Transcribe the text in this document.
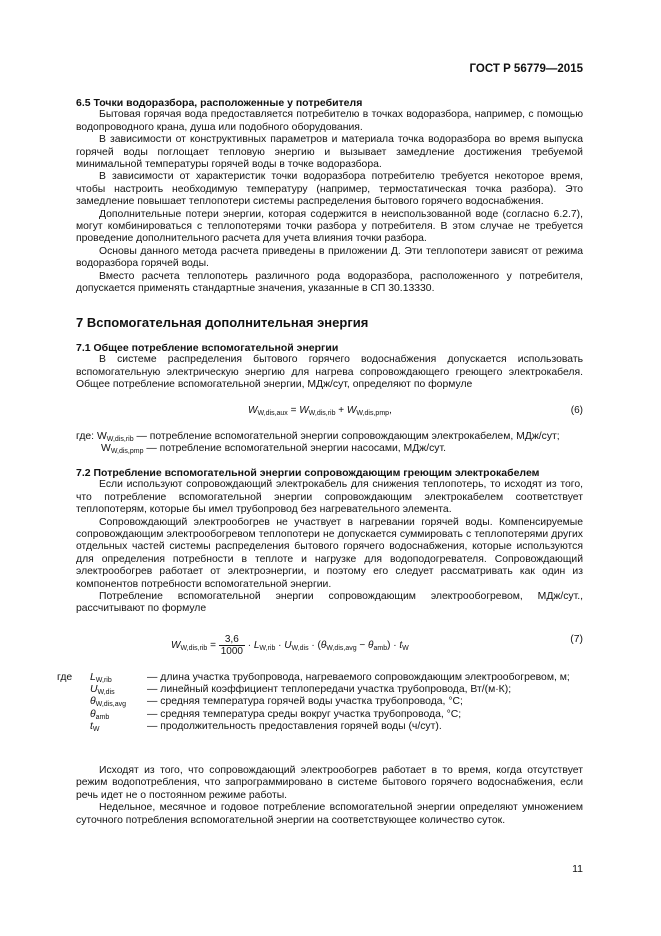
ГОСТ Р 56779—2015
6.5 Точки водоразбора, расположенные у потребителя

Бытовая горячая вода предоставляется потребителю в точках водоразбора, например, с помощью водопроводного крана, душа или подобного оборудования.

В зависимости от конструктивных параметров и материала точка водоразбора во время выпуска горячей воды поглощает тепловую энергию и вызывает замедление достижения требуемой минимальной температуры горячей воды в точке водоразбора.

В зависимости от характеристик точки водоразбора потребителю требуется некоторое время, чтобы настроить необходимую температуру (например, термостатическая точка разбора). Это замедление повышает теплопотери системы распределения бытового горячего водоснабжения.

Дополнительные потери энергии, которая содержится в неиспользованной воде (согласно 6.2.7), могут комбинироваться с теплопотерями точки разбора у потребителя. В этом случае не требуется проведение дополнительного расчета для учета влияния точки разбора.

Основы данного метода расчета приведены в приложении Д. Эти теплопотери зависят от режима водоразбора горячей воды.

Вместо расчета теплопотерь различного рода водоразбора, расположенного у потребителя, допускается применять стандартные значения, указанные в СП 30.13330.

7 Вспомогательная дополнительная энергия
7.1 Общее потребление вспомогательной энергии

В системе распределения бытового горячего водоснабжения допускается использовать вспомогательную электрическую энергию для нагрева сопровождающего греющего электрокабеля. Общее потребление вспомогательной энергии, МДж/сут, определяют по формуле

$W_{W,dis,aux} = W_{W,dis,rib} + W_{W,dis,pmp}$,	(6)
где: $W_{W,dis,rib}$ — потребление вспомогательной энергии сопровождающим электрокабелем, МДж/сут;
$W_{W,dis,pmp}$ — потребление вспомогательной энергии насосами, МДж/сут.
7.2 Потребление вспомогательной энергии сопровождающим греющим электрокабелем

Если используют сопровождающий электрокабель для снижения теплопотерь, то исходят из того, что потребление вспомогательной энергии сопровождающим электрокабелем соответствует теплопотерям, которые бы имел трубопровод без нагревательного элемента.

Сопровождающий электрообогрев не участвует в нагревании горячей воды. Компенсируемые сопровождающим электрообогревом теплопотери не допускается суммировать с теплопотерями других отдельных частей системы распределения бытового горячего водоснабжения, которые используются для определения потребности в теплоте и нагрузке для водоподогревателя. Сопровождающий электрообогрев работает от электроэнергии, и поэтому его следует рассматривать как один из компонентов потребности вспомогательной энергии.

Потребление вспомогательной энергии сопровождающим электрообогревом, МДж/сут., рассчитывают по формуле

$W_{W,dis,rib} = \frac{3,6}{1000} \cdot L_{W,rib} \cdot U_{W,dis} \cdot (\theta_{W,dis,avg} - \theta_{amb}) \cdot t_W$
(7)
где $L_{W,rib}$	— длина участка трубопровода, нагреваемого сопровождающим электрообогревом, м;
$U_{W,dis}$	— линейный коэффициент теплопередачи участка трубопровода, Вт/(м·К);
$\theta_{W,dis,avg}$ — средняя температура горячей воды участка трубопровода, °С;
$\theta_{amb}$	— средняя температура среды вокруг участка трубопровода, °С;
$t_W$	— продолжительность предоставления горячей воды (ч/сут).

Исходят из того, что сопровождающий электрообогрев работает в то время, когда отсутствует режим водопотребления, что запрограммировано в системе бытового горячего водоснабжения, если речь идет не о постоянном режиме работы.

Недельное, месячное и годовое потребление вспомогательной энергии определяют умножением суточного потребления вспомогательной энергии на соответствующее количество суток.

11
